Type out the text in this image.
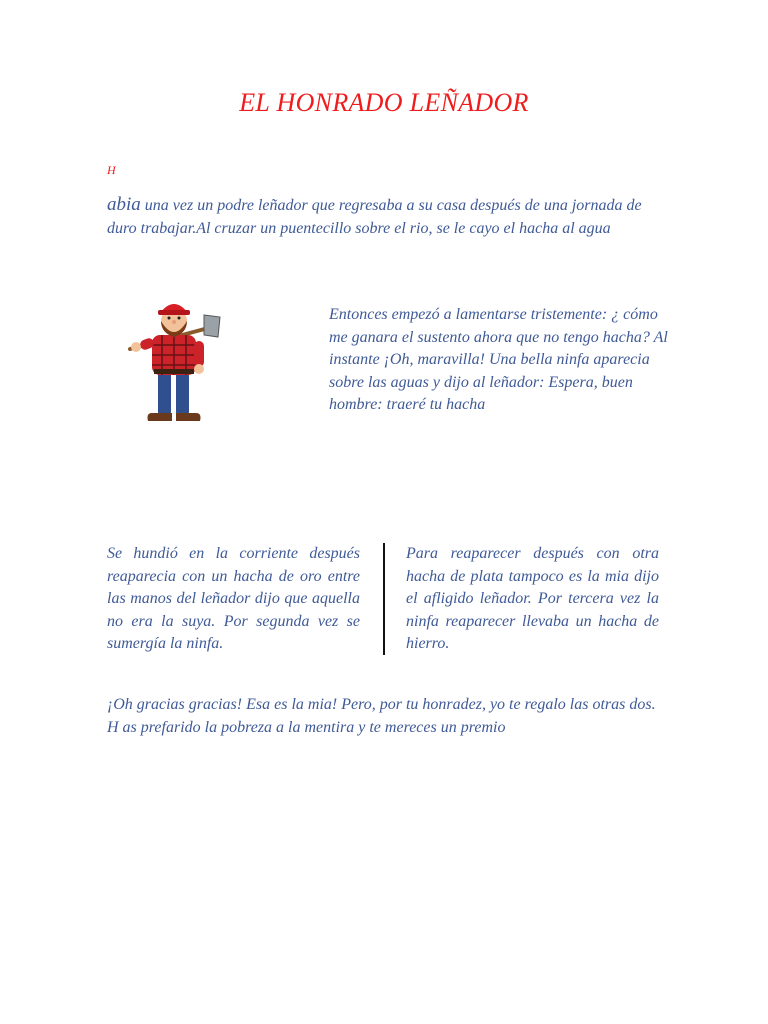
EL HONRADO LEÑADOR
H

abia una vez un podre leñador que regresaba a su casa después de una jornada de duro trabajar.Al cruzar un puentecillo sobre el rio, se le cayo el hacha al agua

Entonces empezó a lamentarse tristemente: ¿ cómo me ganara el sustento ahora que no tengo hacha? Al instante ¡Oh, maravilla! Una bella ninfa aparecia sobre las aguas y dijo al leñador: Espera, buen hombre: traeré tu hacha

Se hundió en la corriente después reaparecia con un hacha de oro entre las manos del leñador dijo que aquella no era la suya. Por segunda vez se sumergía la ninfa.

Para reaparecer después con otra hacha de plata tampoco es la mia dijo el afligido leñador. Por tercera vez la ninfa reaparecer llevaba un hacha de hierro.

¡Oh gracias gracias! Esa es la mia! Pero, por tu honradez, yo te regalo las otras dos. H as prefarido la pobreza a la mentira y te mereces un premio
